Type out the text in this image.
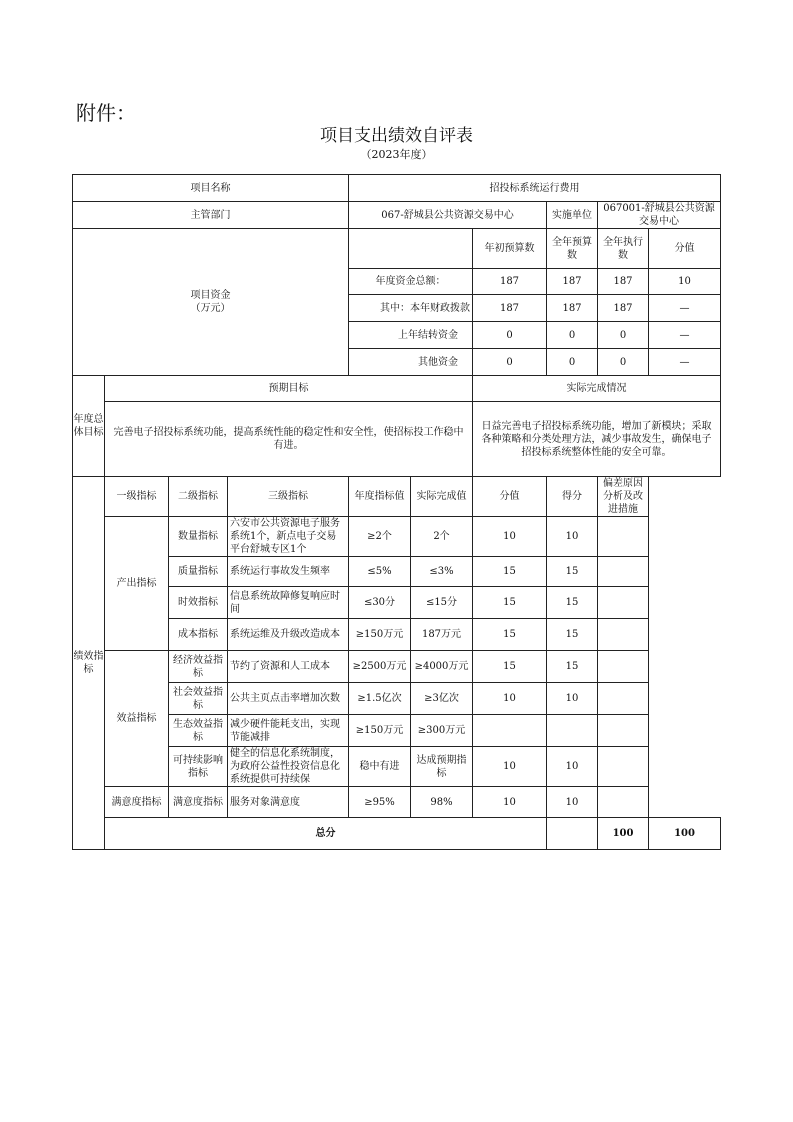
附件：
项目支出绩效自评表
（2023年度）
项目名称				招投标系统运行费用						
主管部门				067-舒城县公共资源交易中心			实施单位	067001-舒城县公共资源交易中心		
项目资金
（万元）						年初预算数	全年预算数	全年执行数	分值		
				年度资金总额：		187	187	187	10		
				其中：本年财政拨款		187	187	187	—		
				上年结转资金		0	0	0	—		
				其他资金		0	0	0	—		
年度总体目标	预期目标					实际完成情况				
	完善电子招投标系统功能，提高系统性能的稳定性和安全性，使招标投工作稳中有进。					日益完善电子招投标系统功能，增加了新模块；采取各种策略和分类处理方法，减少事故发生，确保电子招投标系统整体性能的安全可靠。				
绩效指标	一级指标	二级指标	三级指标	年度指标值	实际完成值	分值	得分	偏差原因分析及改进措施		
	产出指标	数量指标	六安市公共资源电子服务系统1个，新点电子交易平台舒城专区1个	≥2个	2个	10	10			
		质量指标	系统运行事故发生频率	≤5%	≤3%	15	15			
		时效指标	信息系统故障修复响应时间	≤30分	≤15分	15	15			
		成本指标	系统运维及升级改造成本	≥150万元	187万元	15	15			
	效益指标	经济效益指标	节约了资源和人工成本	≥2500万元	≥4000万元	15	15			
		社会效益指标	公共主页点击率增加次数	≥1.5亿次	≥3亿次	10	10			
		生态效益指标	减少硬件能耗支出，实现节能减排	≥150万元	≥300万元					
		可持续影响指标	健全的信息化系统制度，为政府公益性投资信息化系统提供可持续保	稳中有进	达成预期指标	10	10			
	满意度指标	满意度指标	服务对象满意度	≥95%	98%	10	10			
	总分							100	100	
